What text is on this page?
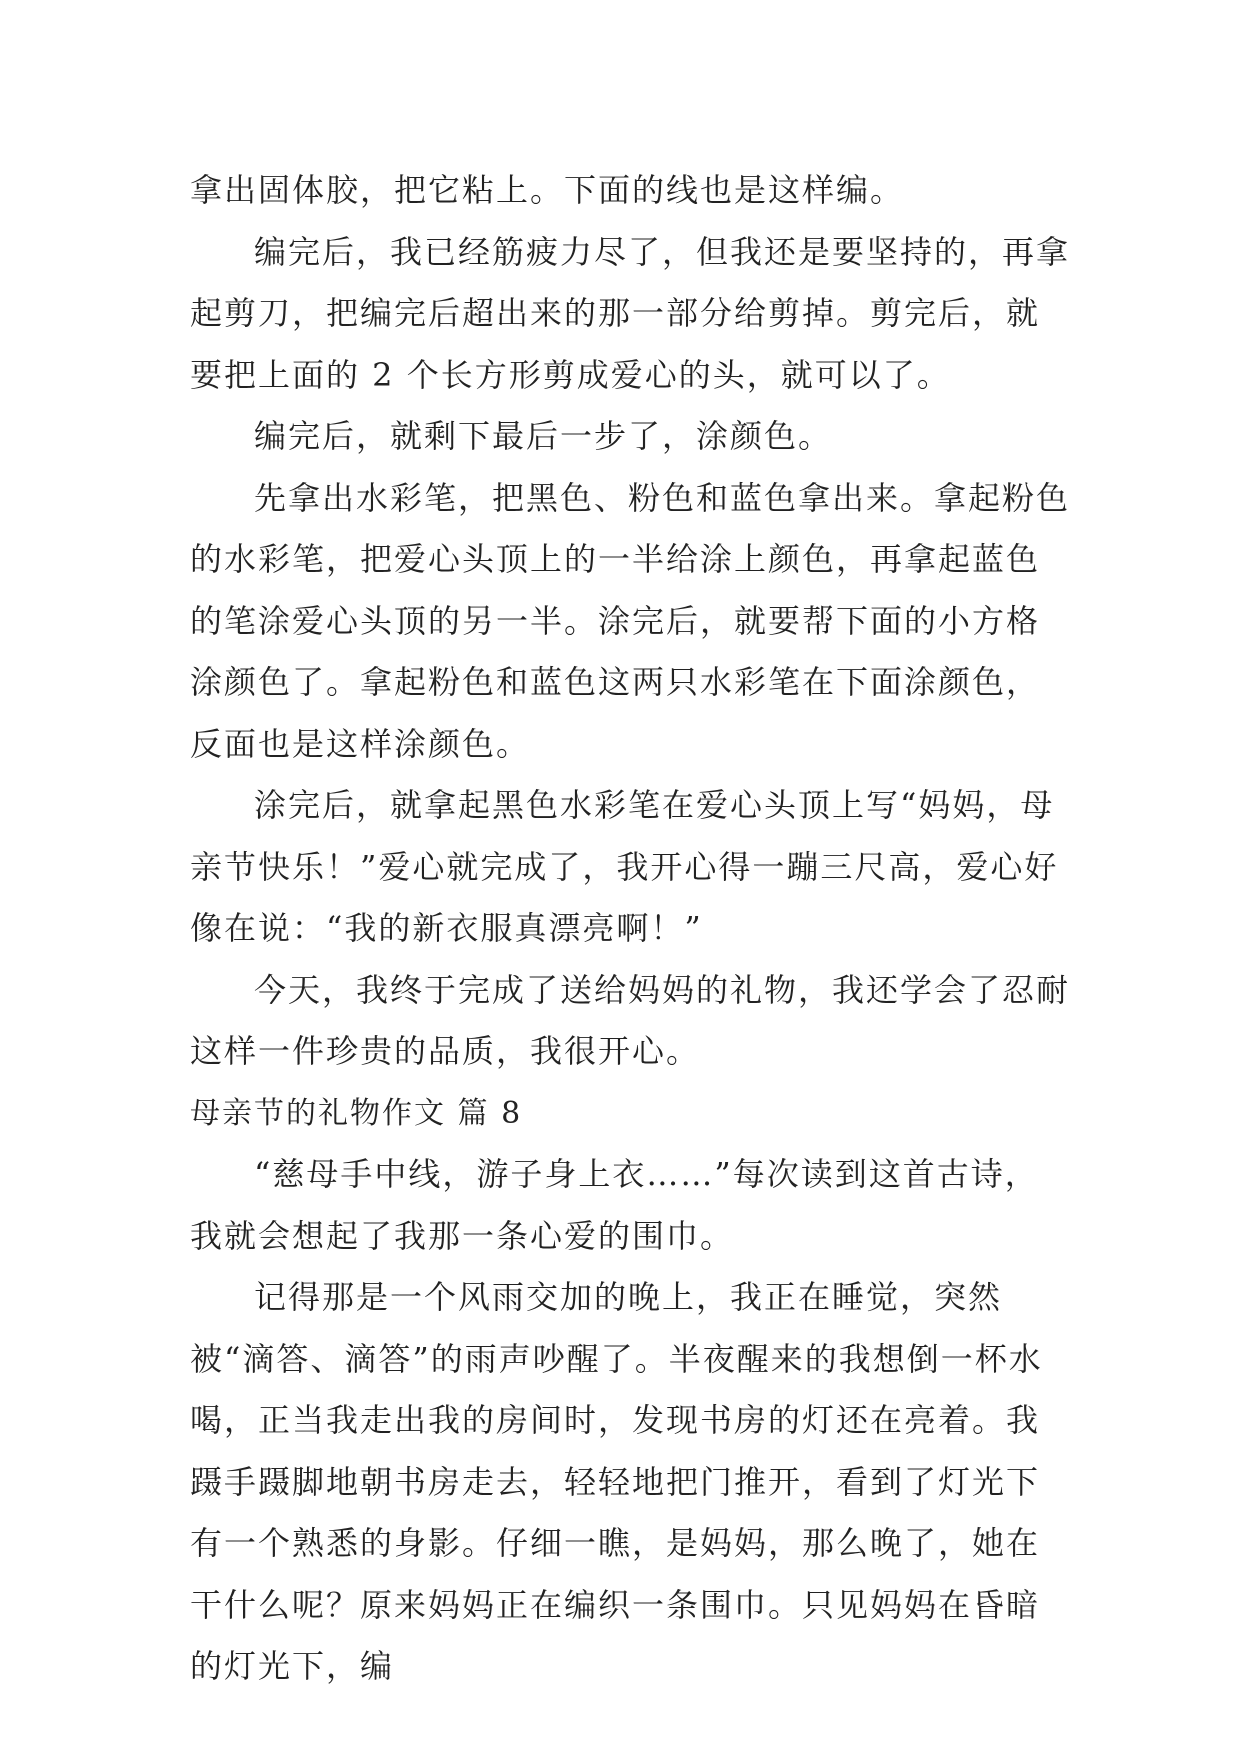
拿出固体胶，把它粘上。下面的线也是这样编。

编完后，我已经筋疲力尽了，但我还是要坚持的，再拿起剪刀，把编完后超出来的那一部分给剪掉。剪完后，就要把上面的 2 个长方形剪成爱心的头，就可以了。

编完后，就剩下最后一步了，涂颜色。

先拿出水彩笔，把黑色、粉色和蓝色拿出来。拿起粉色的水彩笔，把爱心头顶上的一半给涂上颜色，再拿起蓝色的笔涂爱心头顶的另一半。涂完后，就要帮下面的小方格涂颜色了。拿起粉色和蓝色这两只水彩笔在下面涂颜色，反面也是这样涂颜色。

涂完后，就拿起黑色水彩笔在爱心头顶上写“妈妈，母亲节快乐！”爱心就完成了，我开心得一蹦三尺高，爱心好像在说：“我的新衣服真漂亮啊！”

今天，我终于完成了送给妈妈的礼物，我还学会了忍耐这样一件珍贵的品质，我很开心。

母亲节的礼物作文 篇 8

“慈母手中线，游子身上衣……”每次读到这首古诗，我就会想起了我那一条心爱的围巾。

记得那是一个风雨交加的晚上，我正在睡觉，突然被“滴答、滴答”的雨声吵醒了。半夜醒来的我想倒一杯水喝，正当我走出我的房间时，发现书房的灯还在亮着。我蹑手蹑脚地朝书房走去，轻轻地把门推开，看到了灯光下有一个熟悉的身影。仔细一瞧，是妈妈，那么晚了，她在干什么呢？原来妈妈正在编织一条围巾。只见妈妈在昏暗的灯光下，编
